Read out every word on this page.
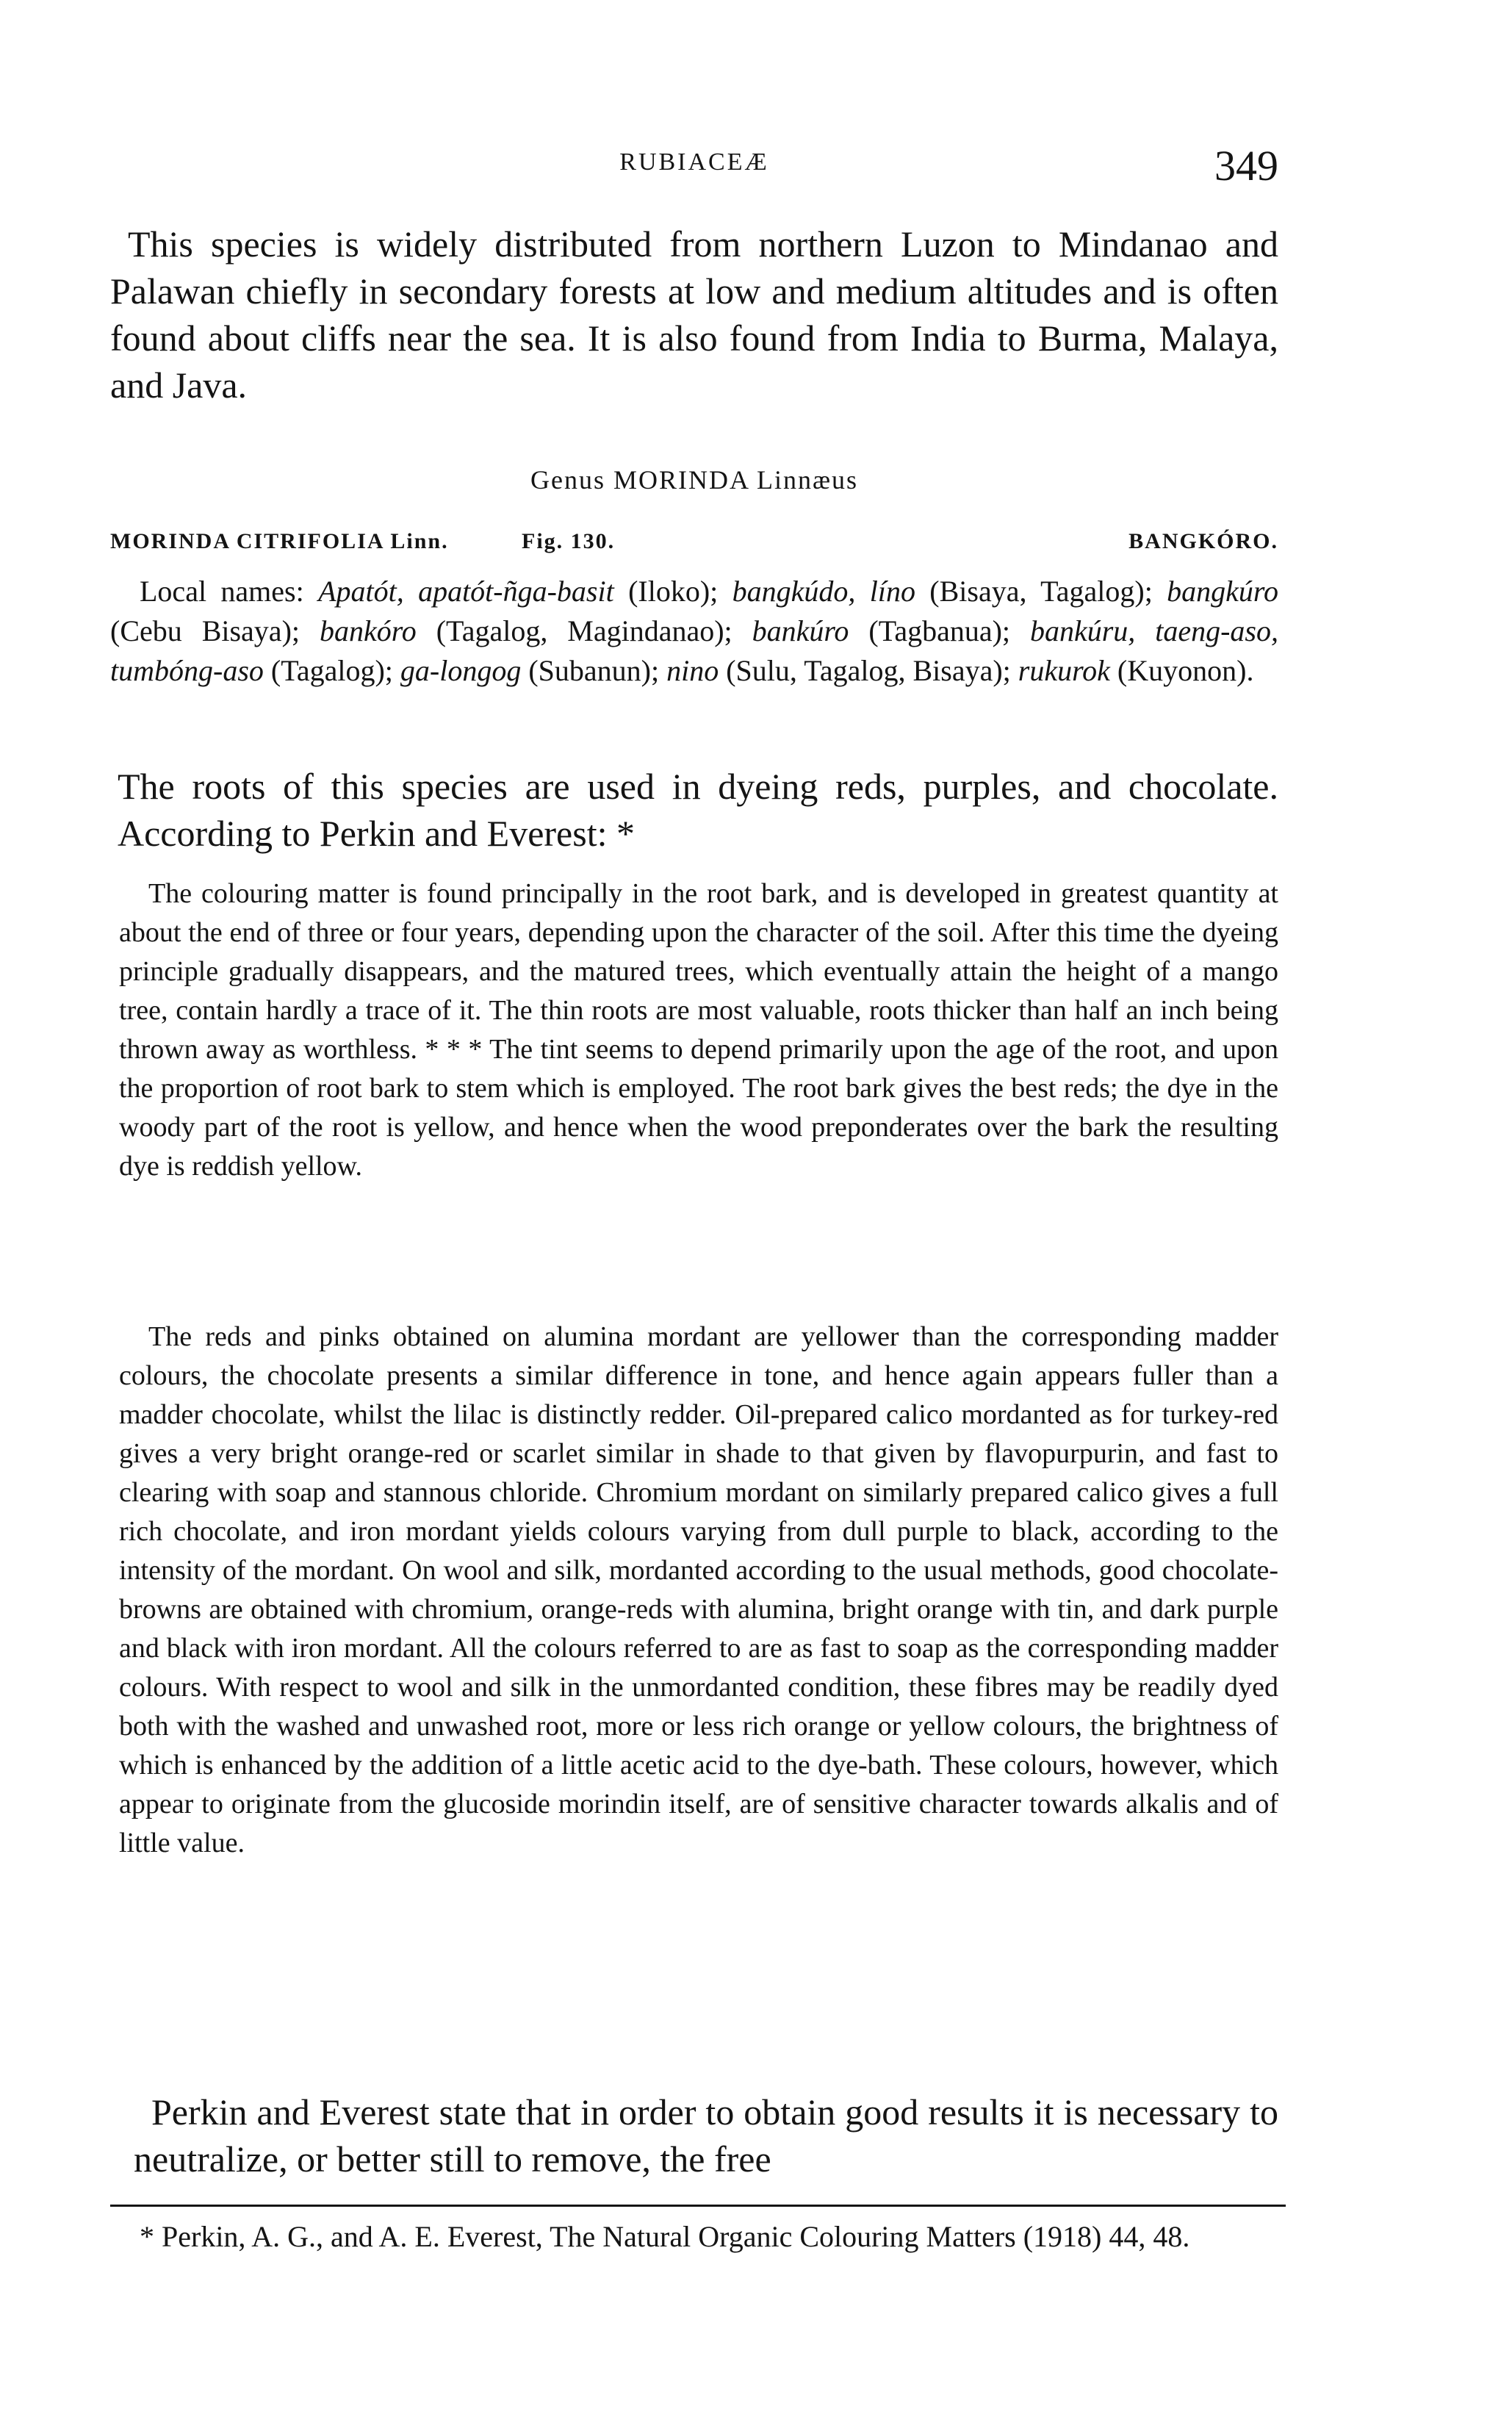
RUBIACEÆ	349

This species is widely distributed from northern Luzon to Mindanao and Palawan chiefly in secondary forests at low and medium altitudes and is often found about cliffs near the sea. It is also found from India to Burma, Malaya, and Java.

Genus MORINDA Linnæus
MORINDA CITRIFOLIA Linn.	Fig. 130.	BANGKÓRO.

Local names: Apatót, apatót-ñga-basit (Iloko); bangkúdo, líno (Bisaya, Tagalog); bangkúro (Cebu Bisaya); bankóro (Tagalog, Magindanao); bankúro (Tagbanua); bankúru, taeng-aso, tumbóng-aso (Tagalog); ga-longog (Subanun); nino (Sulu, Tagalog, Bisaya); rukurok (Kuyonon).

The roots of this species are used in dyeing reds, purples, and chocolate. According to Perkin and Everest: *

The colouring matter is found principally in the root bark, and is developed in greatest quantity at about the end of three or four years, depending upon the character of the soil. After this time the dyeing principle gradually disappears, and the matured trees, which eventually attain the height of a mango tree, contain hardly a trace of it. The thin roots are most valuable, roots thicker than half an inch being thrown away as worthless. * * * The tint seems to depend primarily upon the age of the root, and upon the proportion of root bark to stem which is employed. The root bark gives the best reds; the dye in the woody part of the root is yellow, and hence when the wood preponderates over the bark the resulting dye is reddish yellow.

The reds and pinks obtained on alumina mordant are yellower than the corresponding madder colours, the chocolate presents a similar difference in tone, and hence again appears fuller than a madder chocolate, whilst the lilac is distinctly redder. Oil-prepared calico mordanted as for turkey-red gives a very bright orange-red or scarlet similar in shade to that given by flavopurpurin, and fast to clearing with soap and stannous chloride. Chromium mordant on similarly prepared calico gives a full rich chocolate, and iron mordant yields colours varying from dull purple to black, according to the intensity of the mordant. On wool and silk, mordanted according to the usual methods, good chocolate-browns are obtained with chromium, orange-reds with alumina, bright orange with tin, and dark purple and black with iron mordant. All the colours referred to are as fast to soap as the corresponding madder colours. With respect to wool and silk in the unmordanted condition, these fibres may be readily dyed both with the washed and unwashed root, more or less rich orange or yellow colours, the brightness of which is enhanced by the addition of a little acetic acid to the dye-bath. These colours, however, which appear to originate from the glucoside morindin itself, are of sensitive character towards alkalis and of little value.

Perkin and Everest state that in order to obtain good results it is necessary to neutralize, or better still to remove, the free

* Perkin, A. G., and A. E. Everest, The Natural Organic Colouring Matters (1918) 44, 48.
